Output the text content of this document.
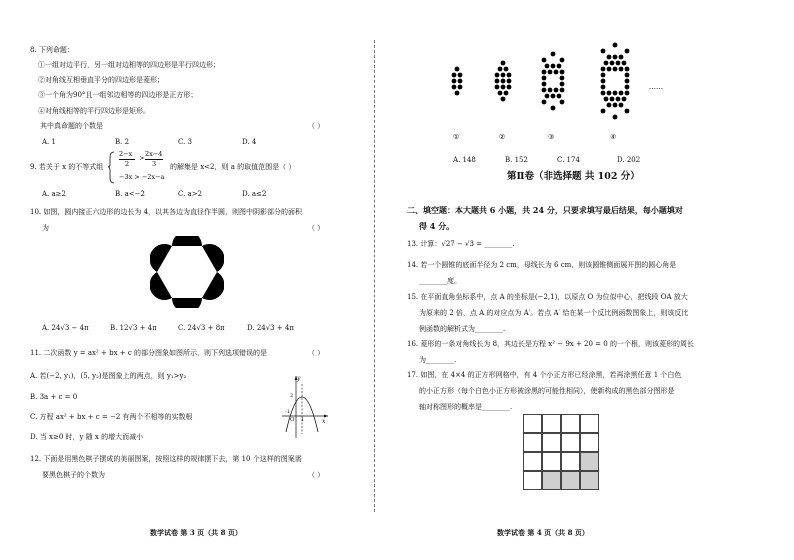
8. 下列命题：
①一组对边平行，另一组对边相等的四边形是平行四边形；
②对角线互相垂直平分的四边形是菱形；
③一个角为90°且一组邻边相等的四边形是正方形；
④对角线相等的平行四边形是矩形。
其中真命题的个数是	（ ）
A. 1	B. 2	C. 3	D. 4
9. 若关于 x 的不等式组
2−x
2
> 2x−4
3
−3x > −2x−a
的解集是 x<2，则 a 的取值范围是（ ）
A. a≥2	B. a<−2	C. a>2	D. a≤2
10. 如图，圆内接正六边形的边长为 4，以其各边为直径作半圆，则图中阴影部分的面积
为	（ ）
A. 24√3 − 4π	B. 12√3 + 4π	C. 24√3 + 8π	D. 24√3 + 4π
11. 二次函数 y = ax² + bx + c 的部分图象如图所示，则下列选项错误的是	（ ）
A. 若(−2, y₁)，(5, y₂)是图象上的两点，则 y₁>y₂
B. 3a + c = 0
C. 方程 ax² + bx + c = −2 有两个不相等的实数根
D. 当 x≥0 时，y 随 x 的增大而减小
y
x
O
-1
1
2
12. 下面是用黑色棋子摆成的美丽图案，按照这样的规律摆下去，第 10 个这样的图案需
要黑色棋子的个数为	（ ）
数学试卷 第 3 页（共 8 页）
①	②	③	④
……
A. 148	B. 152	C. 174	D. 202
第Ⅱ卷（非选择题 共 102 分）
二、填空题：本大题共 6 小题，共 24 分，只要求填写最后结果，每小题填对
得 4 分。
13. 计算：√27 − √3 = ________.
14. 若一个圆锥的底面半径为 2 cm，母线长为 6 cm，则该圆锥侧面展开图的圆心角是
________度。
15. 在平面直角坐标系中，点 A 的坐标是(−2,1)，以原点 O 为位似中心，把线段 OA 放大
为原来的 2 倍，点 A 的对应点为 A′。若点 A′ 恰在某一个反比例函数图象上，则该反比
例函数的解析式为________.
16. 菱形的一条对角线长为 8，其边长是方程 x² − 9x + 20 = 0 的一个根，则该菱形的周长
为________.
17. 如图，在 4×4 的正方形网格中，有 4 个小正方形已经涂黑，若再涂黑任意 1 个白色
的小正方形（每个白色小正方形被涂黑的可能性相同），使新构成的黑色部分图形是
轴对称图形的概率是________.
数学试卷 第 4 页（共 8 页）
